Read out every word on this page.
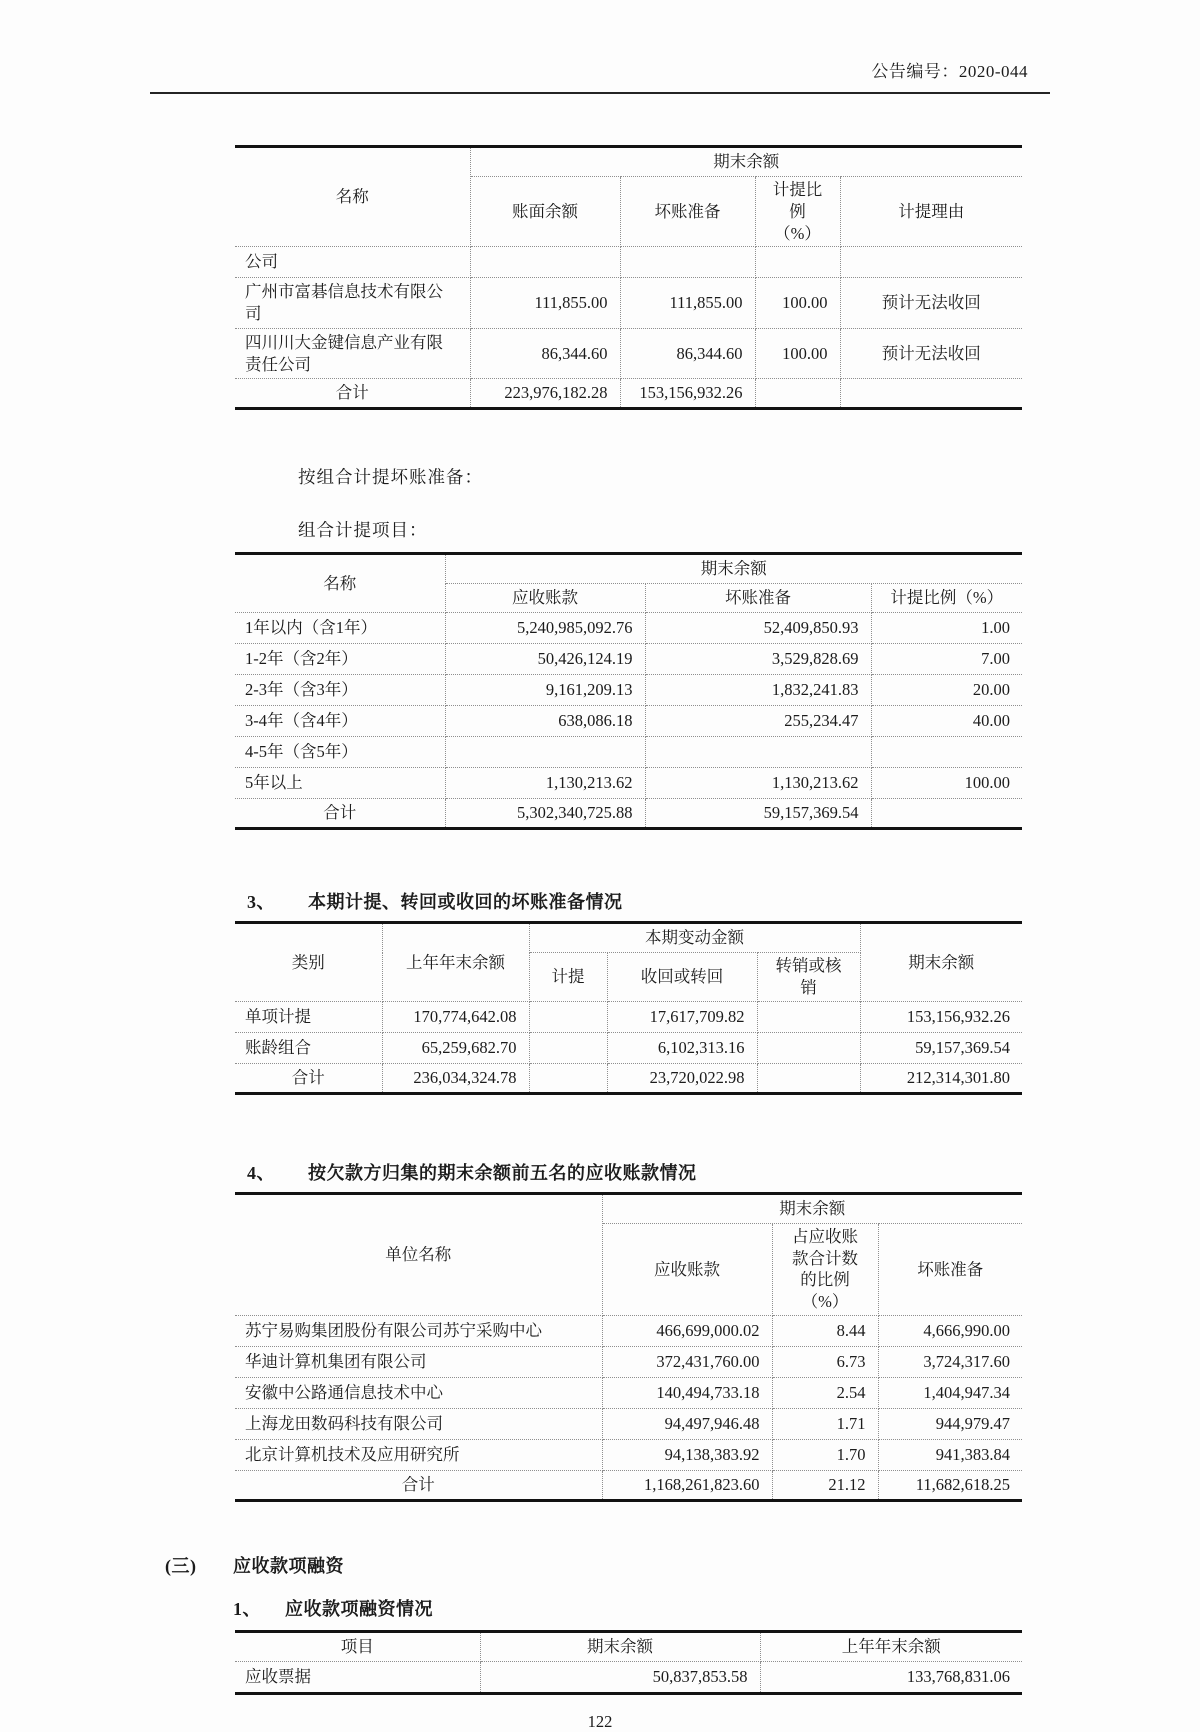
公告编号：2020-044
名称	期末余额			
	账面余额	坏账准备	计提比例（%）	计提理由
公司				
广州市富碁信息技术有限公司	111,855.00	111,855.00	100.00	预计无法收回
四川川大金键信息产业有限责任公司	86,344.60	86,344.60	100.00	预计无法收回
合计	223,976,182.28	153,156,932.26		

按组合计提坏账准备：

组合计提项目：

名称	期末余额		
	应收账款	坏账准备	计提比例（%）
1年以内（含1年）	5,240,985,092.76	52,409,850.93	1.00
1-2年（含2年）	50,426,124.19	3,529,828.69	7.00
2-3年（含3年）	9,161,209.13	1,832,241.83	20.00
3-4年（含4年）	638,086.18	255,234.47	40.00
4-5年（含5年）			
5年以上	1,130,213.62	1,130,213.62	100.00
合计	5,302,340,725.88	59,157,369.54	
3、	本期计提、转回或收回的坏账准备情况
类别	上年年末余额	本期变动金额			期末余额
		计提	收回或转回	转销或核销	
单项计提	170,774,642.08		17,617,709.82		153,156,932.26
账龄组合	65,259,682.70		6,102,313.16		59,157,369.54
合计	236,034,324.78		23,720,022.98		212,314,301.80
4、	按欠款方归集的期末余额前五名的应收账款情况
单位名称	期末余额		
	应收账款	占应收账款合计数的比例（%）	坏账准备
苏宁易购集团股份有限公司苏宁采购中心	466,699,000.02	8.44	4,666,990.00
华迪计算机集团有限公司	372,431,760.00	6.73	3,724,317.60
安徽中公路通信息技术中心	140,494,733.18	2.54	1,404,947.34
上海龙田数码科技有限公司	94,497,946.48	1.71	944,979.47
北京计算机技术及应用研究所	94,138,383.92	1.70	941,383.84
合计	1,168,261,823.60	21.12	11,682,618.25
(三)	应收款项融资
1、	应收款项融资情况
项目	期末余额	上年年末余额
应收票据	50,837,853.58	133,768,831.06
122
